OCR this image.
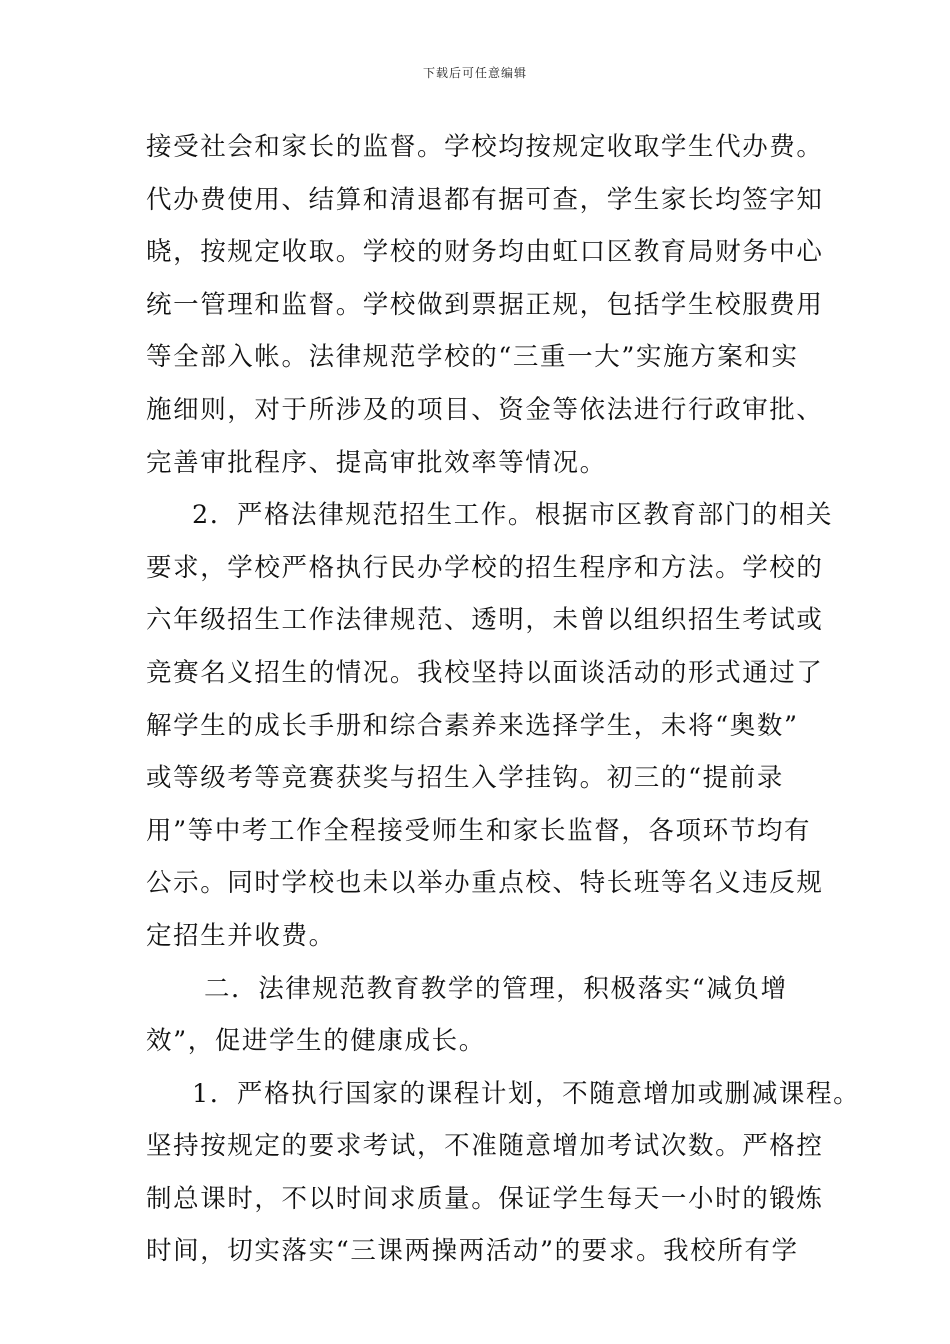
下载后可任意编辑
接受社会和家长的监督。学校均按规定收取学生代办费。
代办费使用、结算和清退都有据可查，学生家长均签字知
晓，按规定收取。学校的财务均由虹口区教育局财务中心
统一管理和监督。学校做到票据正规，包括学生校服费用
等全部入帐。法律规范学校的“三重一大”实施方案和实
施细则，对于所涉及的项目、资金等依法进行行政审批、
完善审批程序、提高审批效率等情况。
2．严格法律规范招生工作。根据市区教育部门的相关
要求，学校严格执行民办学校的招生程序和方法。学校的
六年级招生工作法律规范、透明，未曾以组织招生考试或
竞赛名义招生的情况。我校坚持以面谈活动的形式通过了
解学生的成长手册和综合素养来选择学生，未将“奥数”
或等级考等竞赛获奖与招生入学挂钩。初三的“提前录
用”等中考工作全程接受师生和家长监督，各项环节均有
公示。同时学校也未以举办重点校、特长班等名义违反规
定招生并收费。
二．法律规范教育教学的管理，积极落实“减负增
效”，促进学生的健康成长。
1．严格执行国家的课程计划，不随意增加或删减课程。
坚持按规定的要求考试，不准随意增加考试次数。严格控
制总课时，不以时间求质量。保证学生每天一小时的锻炼
时间，切实落实“三课两操两活动”的要求。我校所有学
